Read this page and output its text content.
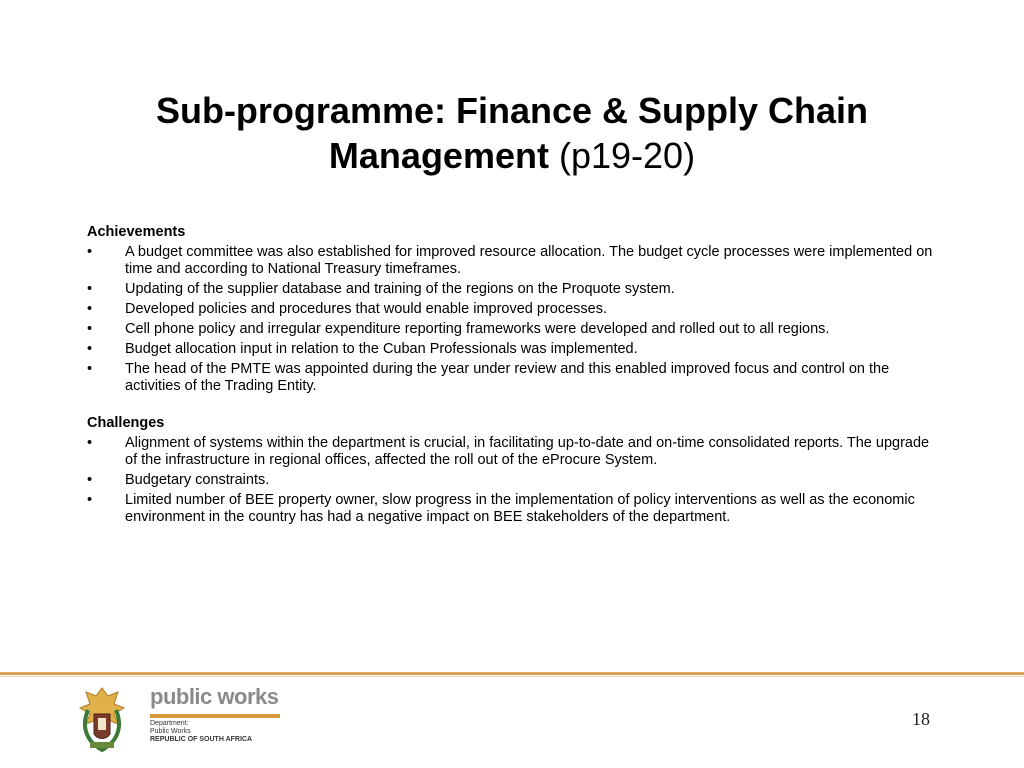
Sub-programme: Finance & Supply Chain Management (p19-20)

Achievements

• A budget committee was also established for improved resource allocation. The budget cycle processes were implemented on time and according to National Treasury timeframes.
• Updating of the supplier database and training of the regions on the Proquote system.
• Developed policies and procedures that would enable improved processes.
• Cell phone policy and irregular expenditure reporting frameworks were developed and rolled out to all regions.
• Budget allocation input in relation to the Cuban Professionals was implemented.
• The head of the PMTE was appointed during the year under review and this enabled improved focus and control on the activities of the Trading Entity.

Challenges

• Alignment of systems within the department is crucial, in facilitating up-to-date and on-time consolidated reports. The upgrade of the infrastructure in regional offices, affected the roll out of the eProcure System.
• Budgetary constraints.
• Limited number of BEE property owner, slow progress in the implementation of policy interventions as well as the economic environment in the country has had a negative impact on BEE stakeholders of the department.
public works
Department:
Public Works
REPUBLIC OF SOUTH AFRICA
18
